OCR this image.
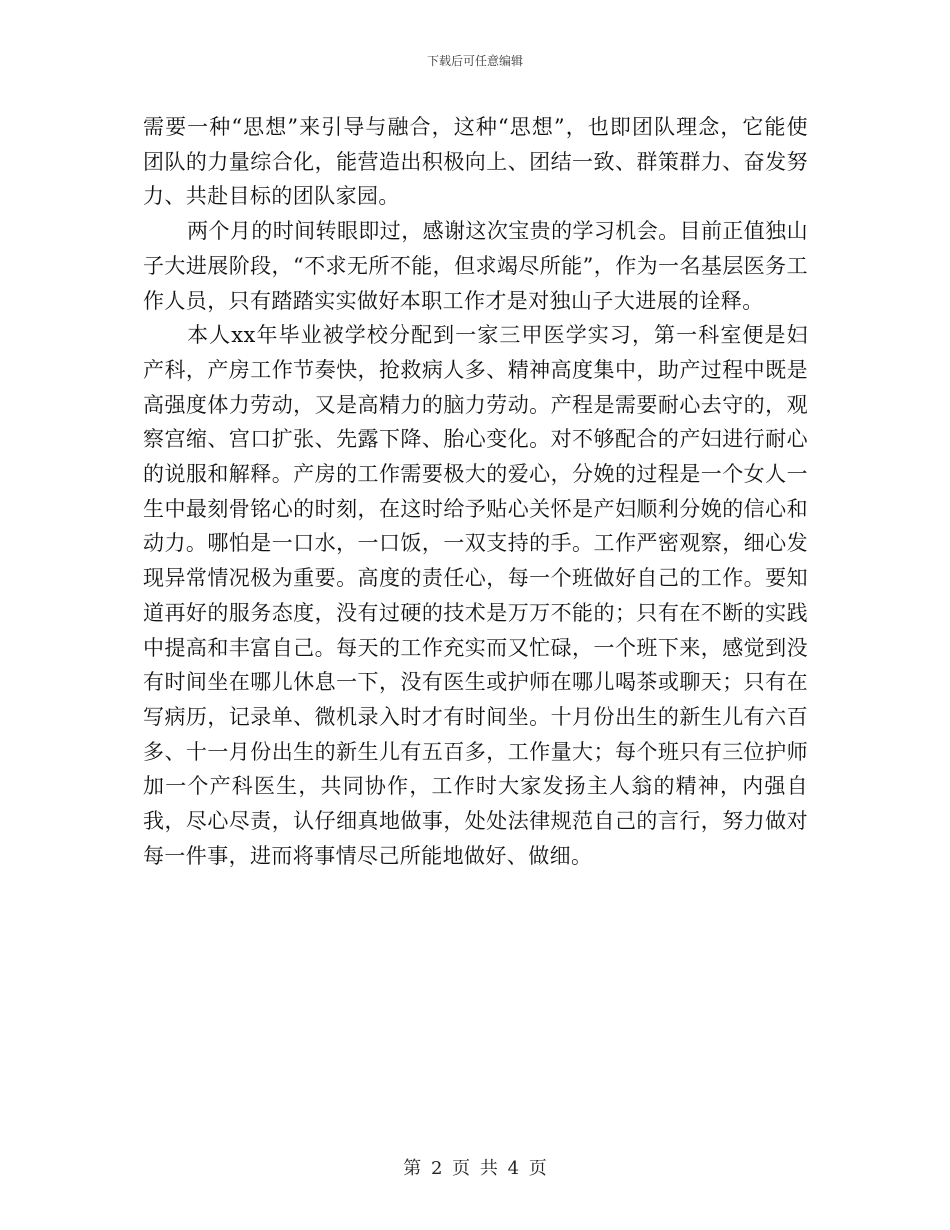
下载后可任意编辑

需要一种“思想”来引导与融合，这种“思想”，也即团队理念，它能使团队的力量综合化，能营造出积极向上、团结一致、群策群力、奋发努力、共赴目标的团队家园。

两个月的时间转眼即过，感谢这次宝贵的学习机会。目前正值独山子大进展阶段，“不求无所不能，但求竭尽所能”，作为一名基层医务工作人员，只有踏踏实实做好本职工作才是对独山子大进展的诠释。

本人xx年毕业被学校分配到一家三甲医学实习，第一科室便是妇产科，产房工作节奏快，抢救病人多、精神高度集中，助产过程中既是高强度体力劳动，又是高精力的脑力劳动。产程是需要耐心去守的，观察宫缩、宫口扩张、先露下降、胎心变化。对不够配合的产妇进行耐心的说服和解释。产房的工作需要极大的爱心，分娩的过程是一个女人一生中最刻骨铭心的时刻，在这时给予贴心关怀是产妇顺利分娩的信心和动力。哪怕是一口水，一口饭，一双支持的手。工作严密观察，细心发现异常情况极为重要。高度的责任心，每一个班做好自己的工作。要知道再好的服务态度，没有过硬的技术是万万不能的；只有在不断的实践中提高和丰富自己。每天的工作充实而又忙碌，一个班下来，感觉到没有时间坐在哪儿休息一下，没有医生或护师在哪儿喝茶或聊天；只有在写病历，记录单、微机录入时才有时间坐。十月份出生的新生儿有六百多、十一月份出生的新生儿有五百多，工作量大；每个班只有三位护师加一个产科医生，共同协作，工作时大家发扬主人翁的精神，内强自我，尽心尽责，认仔细真地做事，处处法律规范自己的言行，努力做对每一件事，进而将事情尽己所能地做好、做细。

第 2 页 共 4 页
